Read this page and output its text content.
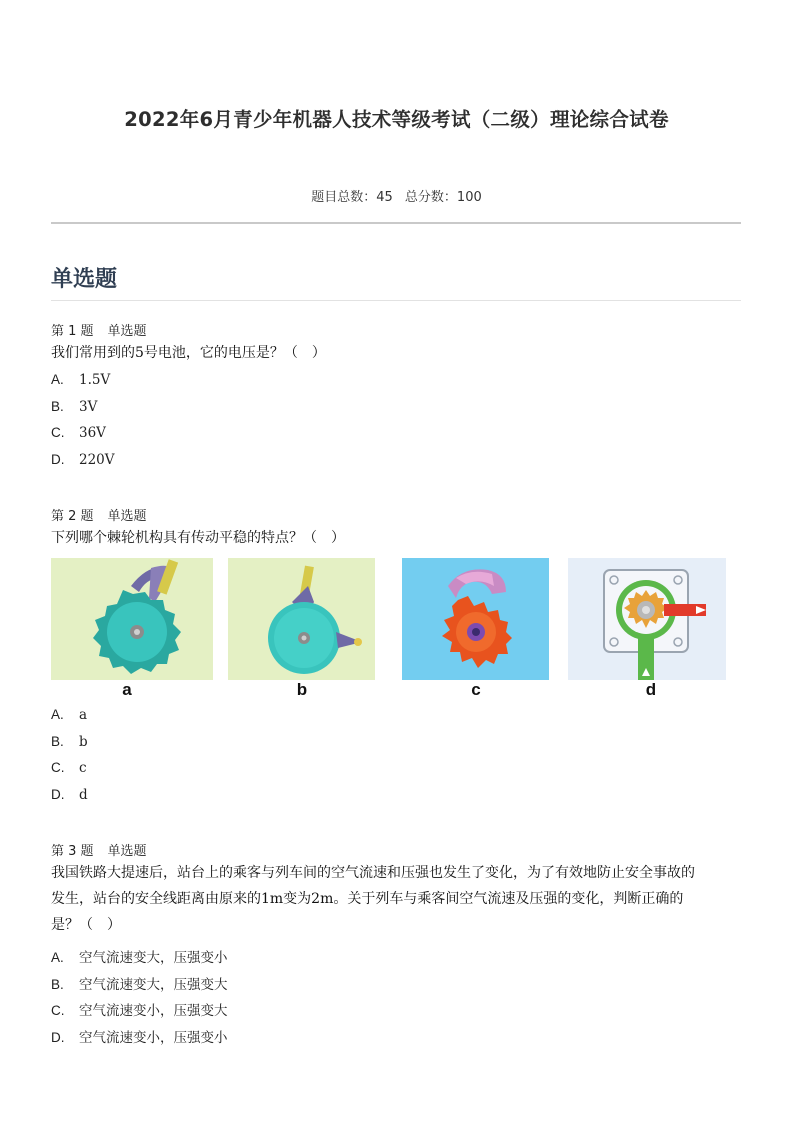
2022年6月青少年机器人技术等级考试（二级）理论综合试卷
题目总数：45 总分数：100
单选题
第 1 题 单选题
我们常用到的5号电池，它的电压是？（　）
A. 1.5V
B. 3V
C. 36V
D. 220V
第 2 题 单选题
下列哪个棘轮机构具有传动平稳的特点？（　）
a	b	c	d
A. a
B. b
C. c
D. d
第 3 题 单选题
我国铁路大提速后，站台上的乘客与列车间的空气流速和压强也发生了变化，为了有效地防止安全事故的
发生，站台的安全线距离由原来的1m变为2m。关于列车与乘客间空气流速及压强的变化，判断正确的
是？（　）
A. 空气流速变大，压强变小
B. 空气流速变大，压强变大
C. 空气流速变小，压强变大
D. 空气流速变小，压强变小
